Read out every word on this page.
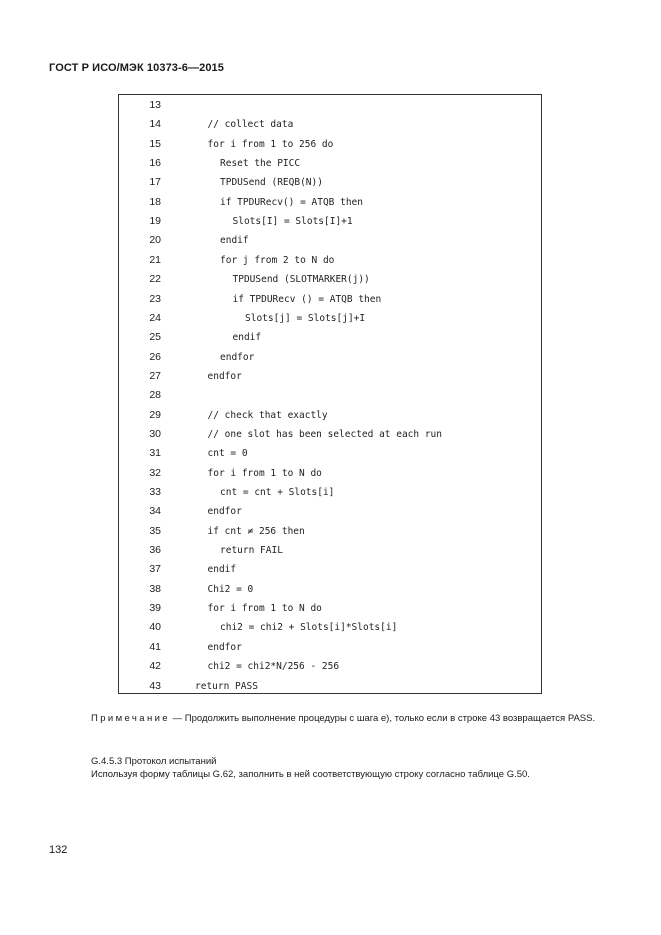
ГОСТ Р ИСО/МЭК 10373-6—2015
13
14	// collect data
15	for i from 1 to 256 do
16	Reset the PICC
17	TPDUSend (REQB(N))
18	if TPDURecv() = ATQB then
19	Slots[I] = Slots[I]+1
20	endif
21	for j from 2 to N do
22	TPDUSend (SLOTMARKER(j))
23	if TPDURecv () = ATQB then
24	Slots[j] = Slots[j]+I
25	endif
26	endfor
27	endfor
28
29	// check that exactly
30	// one slot has been selected at each run
31	cnt = 0
32	for i from 1 to N do
33	cnt = cnt + Slots[i]
34	endfor
35	if cnt ≠ 256 then
36	return FAIL
37	endif
38	Chi2 = 0
39	for i from 1 to N do
40	chi2 = chi2 + Slots[i]*Slots[i]
41	endfor
42	chi2 = chi2*N/256 - 256
43	return PASS
Примечание — Продолжить выполнение процедуры с шага е), только если в строке 43 возвращается PASS.
G.4.5.3 Протокол испытаний
Используя форму таблицы G.62, заполнить в ней соответствующую строку согласно таблице G.50.
132
